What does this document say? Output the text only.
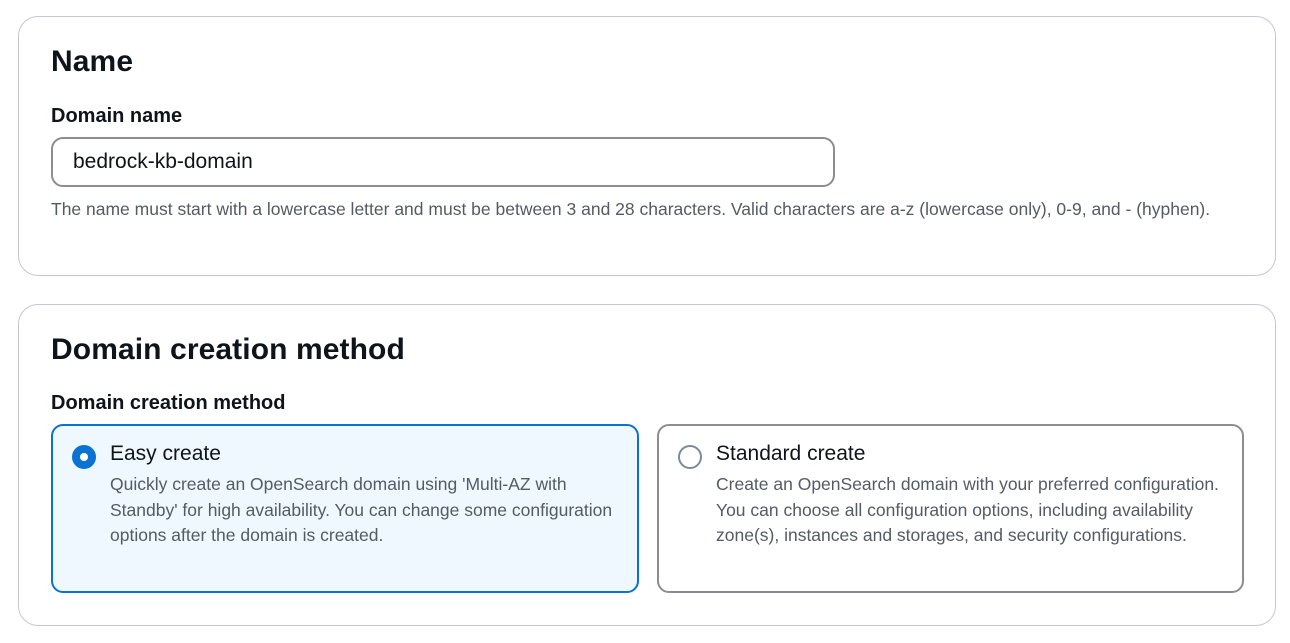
Name
Domain name
bedrock-kb-domain

The name must start with a lowercase letter and must be between 3 and 28 characters. Valid characters are a-z (lowercase only), 0-9, and - (hyphen).

Domain creation method
Domain creation method
Easy create
Quickly create an OpenSearch domain using 'Multi-AZ with Standby' for high availability. You can change some configuration options after the domain is created.
Standard create
Create an OpenSearch domain with your preferred configuration. You can choose all configuration options, including availability zone(s), instances and storages, and security configurations.
